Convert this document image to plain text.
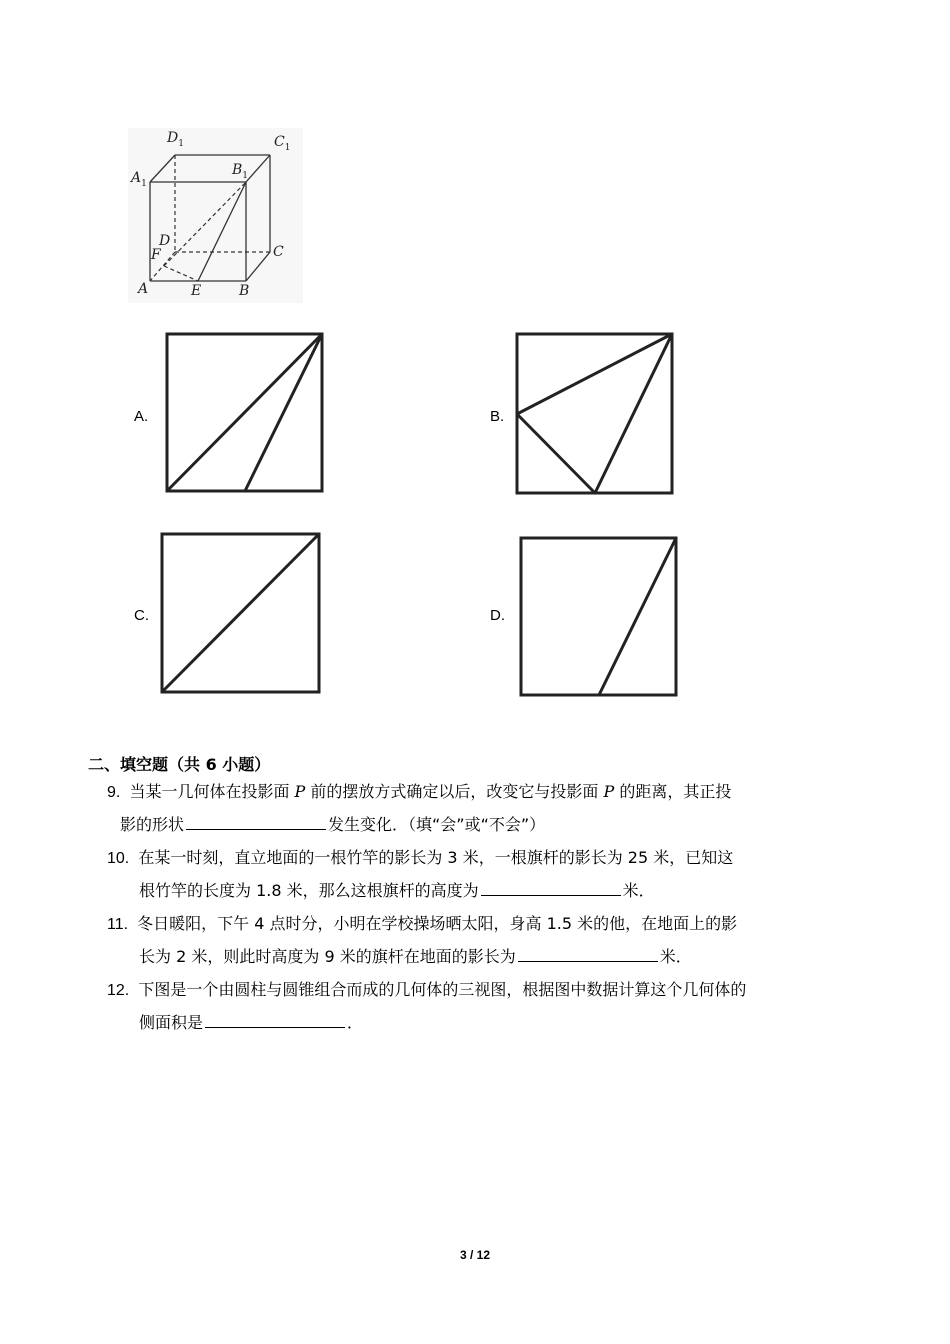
$D_1$	$C_1$
$A_1$
$B_1$
D
F	C
A	E	B
A.	B.
C.	D.
二、填空题（共 6 小题）
9. 当某一几何体在投影面 P 前的摆放方式确定以后，改变它与投影面 P 的距离，其正投
影的形状	发生变化．（填“会”或“不会”）
10. 在某一时刻，直立地面的一根竹竿的影长为 3 米，一根旗杆的影长为 25 米，已知这
根竹竿的长度为 1.8 米，那么这根旗杆的高度为	米．
11. 冬日暖阳，下午 4 点时分，小明在学校操场晒太阳，身高 1.5 米的他，在地面上的影
长为 2 米，则此时高度为 9 米的旗杆在地面的影长为	米．
12. 下图是一个由圆柱与圆锥组合而成的几何体的三视图，根据图中数据计算这个几何体的
侧面积是	．
3 / 12
